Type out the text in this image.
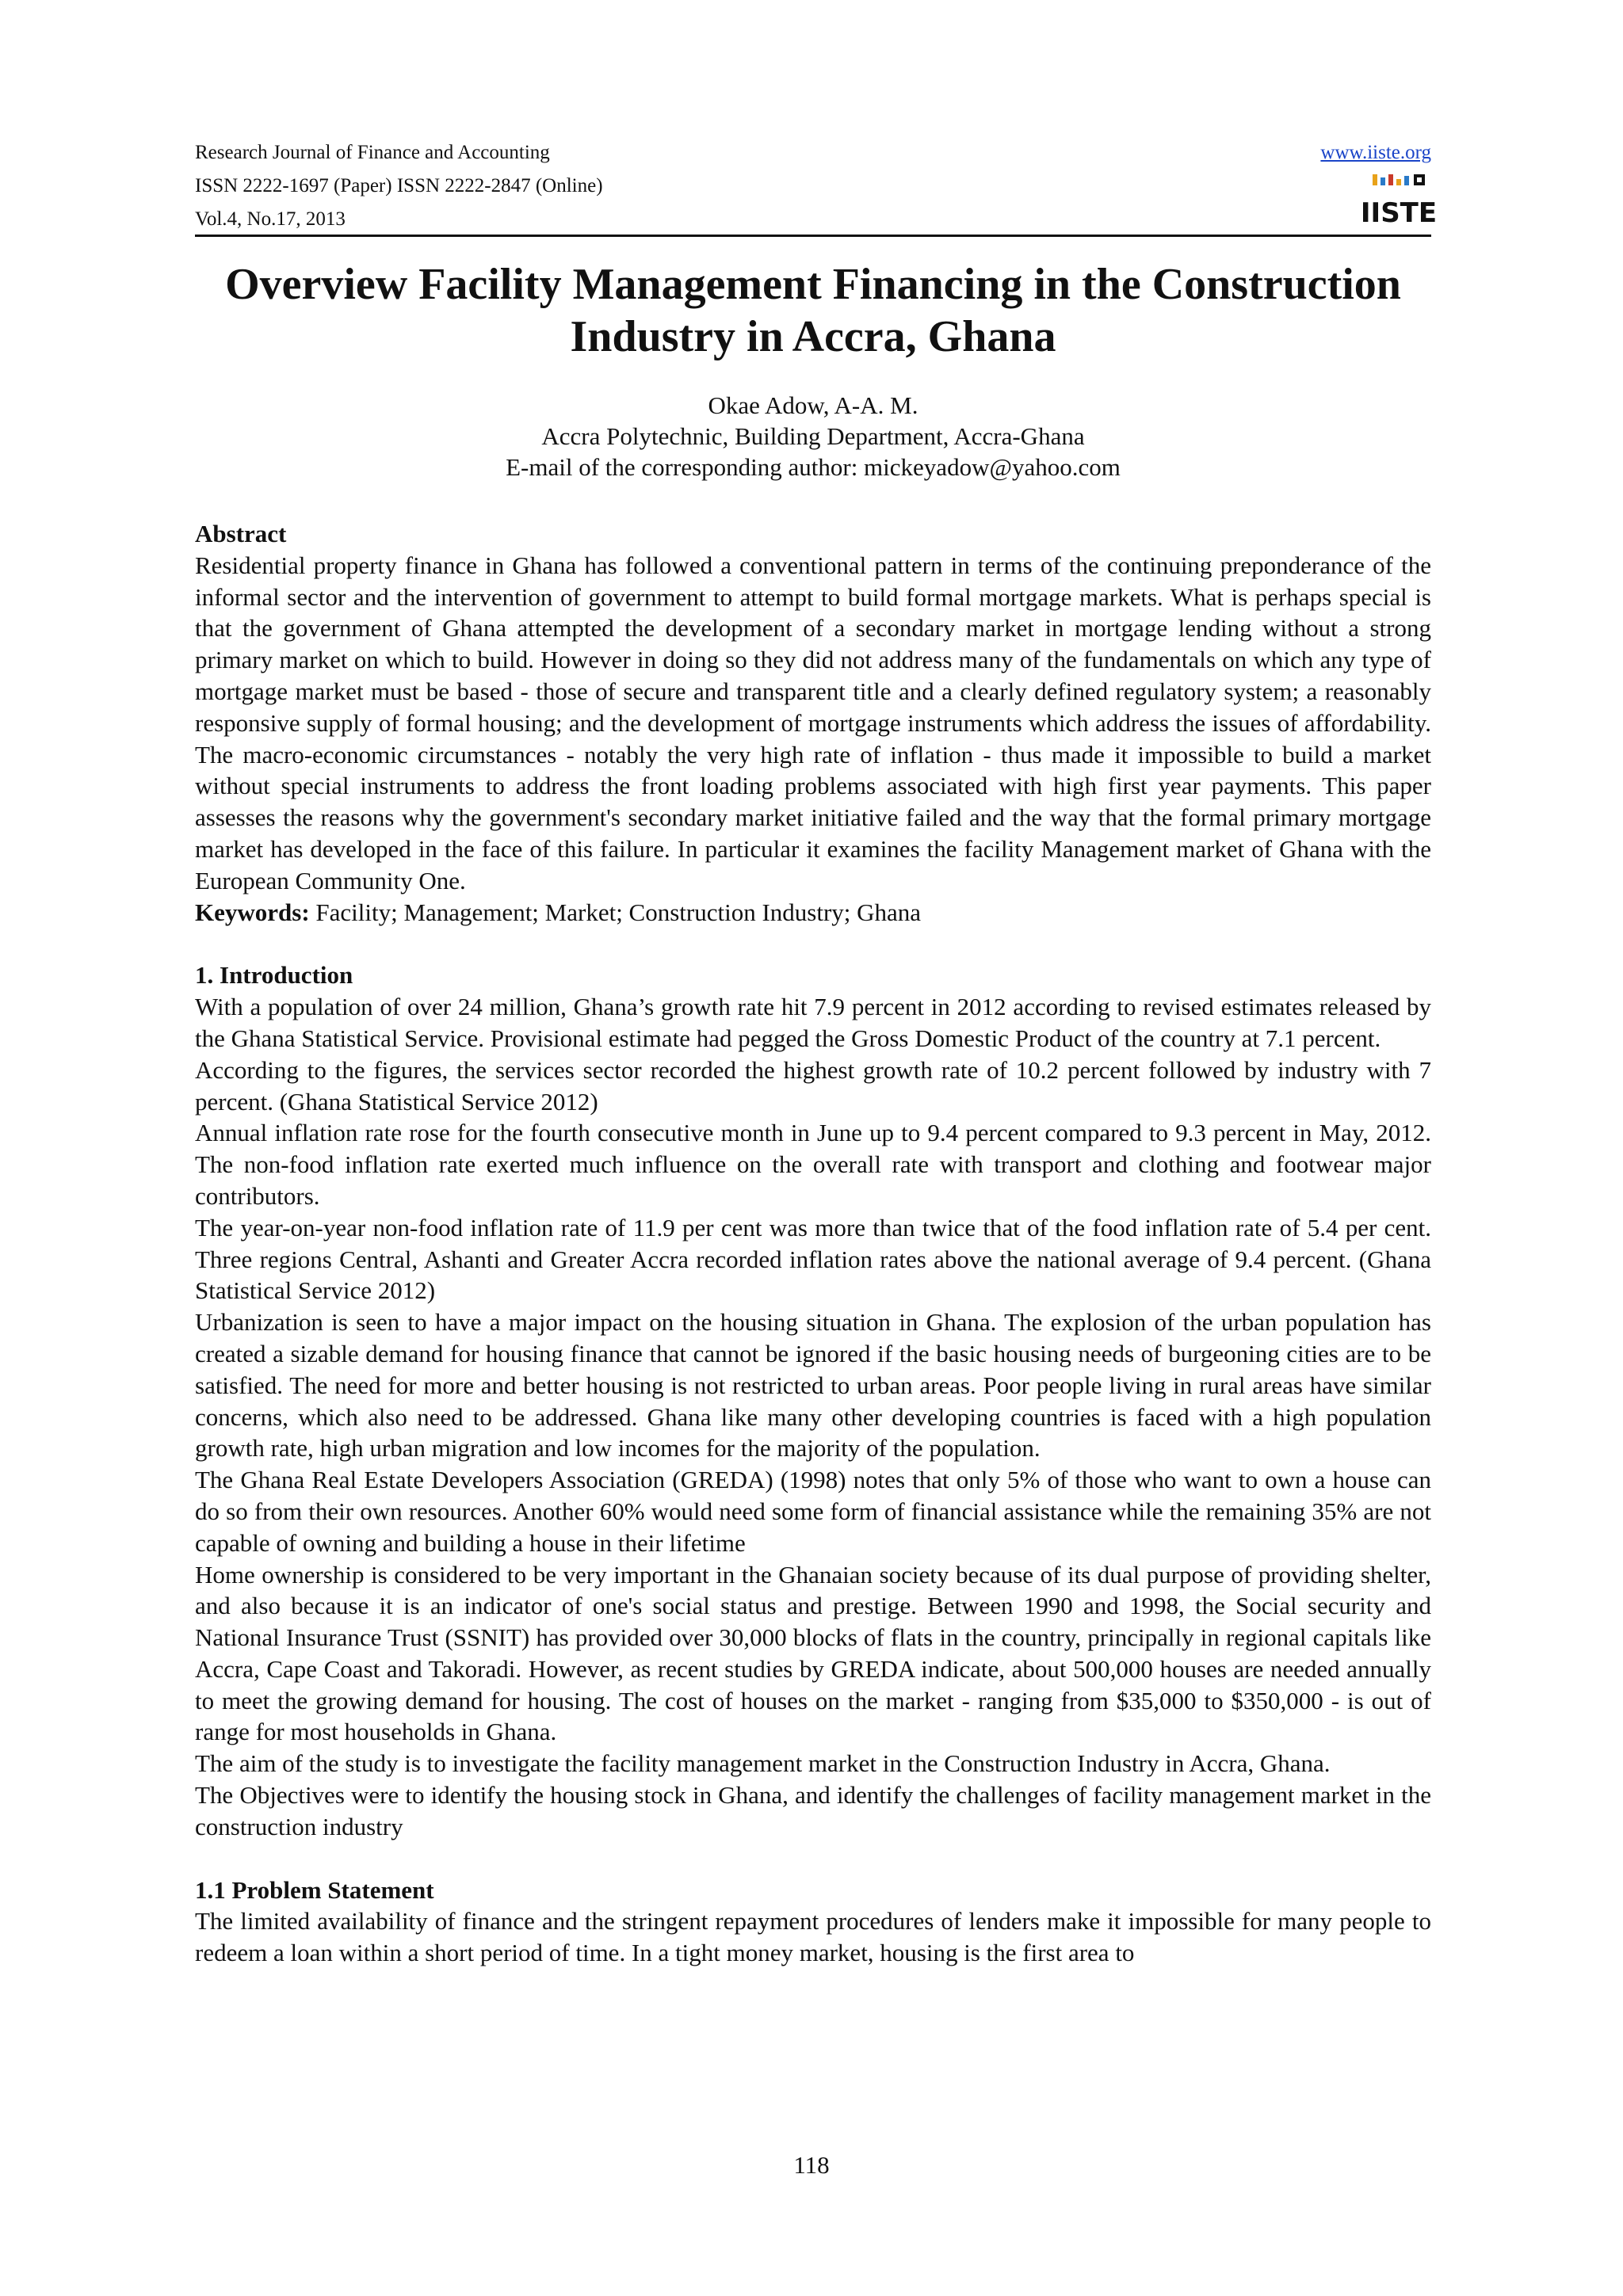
Research Journal of Finance and Accounting
ISSN 2222-1697 (Paper) ISSN 2222-2847 (Online)
Vol.4, No.17, 2013
www.iiste.org
IISTE
Overview Facility Management Financing in the Construction Industry in Accra, Ghana
Okae Adow, A-A. M.
Accra Polytechnic, Building Department, Accra-Ghana
E-mail of the corresponding author: mickeyadow@yahoo.com

Abstract

Residential property finance in Ghana has followed a conventional pattern in terms of the continuing preponderance of the informal sector and the intervention of government to attempt to build formal mortgage markets. What is perhaps special is that the government of Ghana attempted the development of a secondary market in mortgage lending without a strong primary market on which to build. However in doing so they did not address many of the fundamentals on which any type of mortgage market must be based - those of secure and transparent title and a clearly defined regulatory system; a reasonably responsive supply of formal housing; and the development of mortgage instruments which address the issues of affordability. The macro-economic circumstances - notably the very high rate of inflation - thus made it impossible to build a market without special instruments to address the front loading problems associated with high first year payments. This paper assesses the reasons why the government's secondary market initiative failed and the way that the formal primary mortgage market has developed in the face of this failure. In particular it examines the facility Management market of Ghana with the European Community One.

Keywords: Facility; Management; Market; Construction Industry; Ghana

1. Introduction

With a population of over 24 million, Ghana’s growth rate hit 7.9 percent in 2012 according to revised estimates released by the Ghana Statistical Service. Provisional estimate had pegged the Gross Domestic Product of the country at 7.1 percent.

According to the figures, the services sector recorded the highest growth rate of 10.2 percent followed by industry with 7 percent. (Ghana Statistical Service 2012)

Annual inflation rate rose for the fourth consecutive month in June up to 9.4 percent compared to 9.3 percent in May, 2012. The non-food inflation rate exerted much influence on the overall rate with transport and clothing and footwear major contributors.

The year-on-year non-food inflation rate of 11.9 per cent was more than twice that of the food inflation rate of 5.4 per cent. Three regions Central, Ashanti and Greater Accra recorded inflation rates above the national average of 9.4 percent. (Ghana Statistical Service 2012)

Urbanization is seen to have a major impact on the housing situation in Ghana. The explosion of the urban population has created a sizable demand for housing finance that cannot be ignored if the basic housing needs of burgeoning cities are to be satisfied. The need for more and better housing is not restricted to urban areas. Poor people living in rural areas have similar concerns, which also need to be addressed. Ghana like many other developing countries is faced with a high population growth rate, high urban migration and low incomes for the majority of the population.

The Ghana Real Estate Developers Association (GREDA) (1998) notes that only 5% of those who want to own a house can do so from their own resources. Another 60% would need some form of financial assistance while the remaining 35% are not capable of owning and building a house in their lifetime

Home ownership is considered to be very important in the Ghanaian society because of its dual purpose of providing shelter, and also because it is an indicator of one's social status and prestige. Between 1990 and 1998, the Social security and National Insurance Trust (SSNIT) has provided over 30,000 blocks of flats in the country, principally in regional capitals like Accra, Cape Coast and Takoradi. However, as recent studies by GREDA indicate, about 500,000 houses are needed annually to meet the growing demand for housing. The cost of houses on the market - ranging from $35,000 to $350,000 - is out of range for most households in Ghana.

The aim of the study is to investigate the facility management market in the Construction Industry in Accra, Ghana.

The Objectives were to identify the housing stock in Ghana, and identify the challenges of facility management market in the construction industry

1.1 Problem Statement

The limited availability of finance and the stringent repayment procedures of lenders make it impossible for many people to redeem a loan within a short period of time. In a tight money market, housing is the first area to

118
